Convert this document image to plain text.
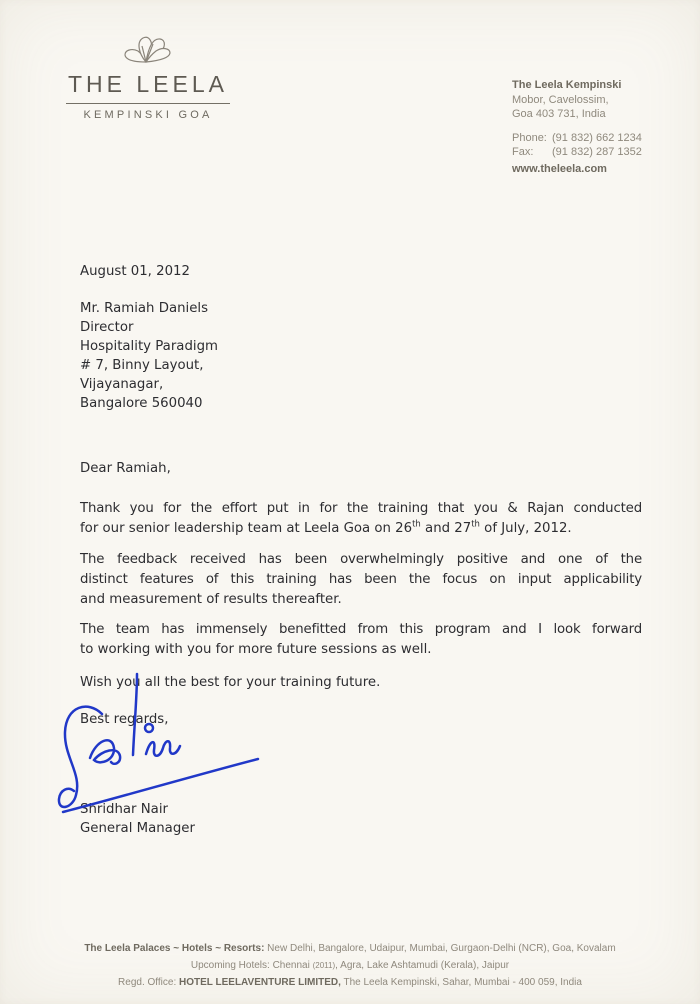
THE LEELA
KEMPINSKI GOA
The Leela Kempinski
Mobor, Cavelossim,
Goa 403 731, India
Phone: (91 832) 662 1234
Fax:	(91 832) 287 1352
www.theleela.com
August 01, 2012
Mr. Ramiah Daniels
Director
Hospitality Paradigm
# 7, Binny Layout,
Vijayanagar,
Bangalore 560040
Dear Ramiah,
Thank you for the effort put in for the training that you & Rajan conducted
for our senior leadership team at Leela Goa on 26th and 27th of July, 2012.
The feedback received has been overwhelmingly positive and one of the
distinct features of this training has been the focus on input applicability
and measurement of results thereafter.
The team has immensely benefitted from this program and I look forward
to working with you for more future sessions as well.
Wish you all the best for your training future.
Best regards,
Shridhar Nair
General Manager
The Leela Palaces ~ Hotels ~ Resorts: New Delhi, Bangalore, Udaipur, Mumbai, Gurgaon-Delhi (NCR), Goa, Kovalam
Upcoming Hotels: Chennai (2011), Agra, Lake Ashtamudi (Kerala), Jaipur
Regd. Office: HOTEL LEELAVENTURE LIMITED, The Leela Kempinski, Sahar, Mumbai - 400 059, India
